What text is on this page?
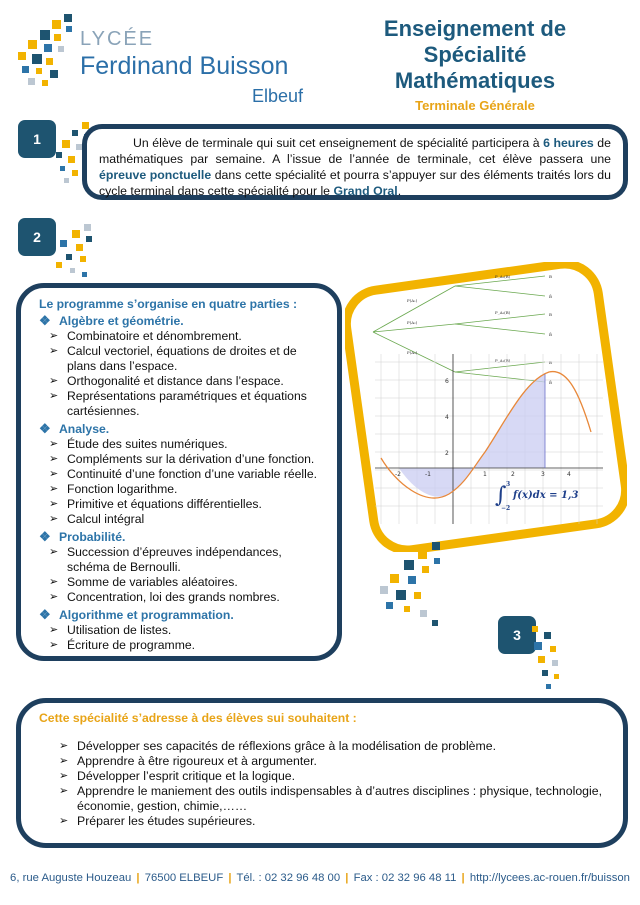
LYCÉE
Ferdinand Buisson
Elbeuf
Enseignement de
Spécialité
Mathématiques
Terminale Générale
1	Un élève de terminale qui suit cet enseignement de spécialité participera à 6 heures de mathématiques par semaine. A l’issue de l’année de terminale, cet élève passera une épreuve ponctuelle dans cette spécialité et pourra s’appuyer sur des éléments traités lors du cycle terminal dans cette spécialité pour le Grand Oral.

2
Le programme s’organise en quatre parties :
❖ Algèbre et géométrie.
➢ Combinatoire et dénombrement.
➢ Calcul vectoriel, équations de droites et de plans dans l’espace.
➢ Orthogonalité et distance dans l’espace.
➢ Représentations paramétriques et équations cartésiennes.
❖ Analyse.
➢ Étude des suites numériques.
➢ Compléments sur la dérivation d’une fonction.
➢ Continuité d’une fonction d’une variable réelle.
➢ Fonction logarithme.
➢ Primitive et équations différentielles.
➢ Calcul intégral
❖ Probabilité.
➢ Succession d’épreuves indépendances, schéma de Bernoulli.
➢ Somme de variables aléatoires.
➢ Concentration, loi des grands nombres.
❖ Algorithme et programmation.
➢ Utilisation de listes.
➢ Écriture de programme.
P(A₁)
P(A₂)
P(A₃)
P_A₁(B)
P_A₂(B)
P_A₃(B)
B
B̄
B
B̄
B
B̄
6
4
2
-2	-1	1	2	3	4
∫ 3
−2
f(x)dx = 1,3
3
Cette spécialité s’adresse à des élèves sui souhaitent :
➢ Développer ses capacités de réflexions grâce à la modélisation de problème.
➢ Apprendre à être rigoureux et à argumenter.
➢ Développer l’esprit critique et la logique.
➢ Apprendre le maniement des outils indispensables à d’autres disciplines : physique, technologie, économie, gestion, chimie,……
➢ Préparer les études supérieures.
6, rue Auguste Houzeau | 76500 ELBEUF | Tél. : 02 32 96 48 00 | Fax : 02 32 96 48 11 | http://lycees.ac-rouen.fr/buisson
